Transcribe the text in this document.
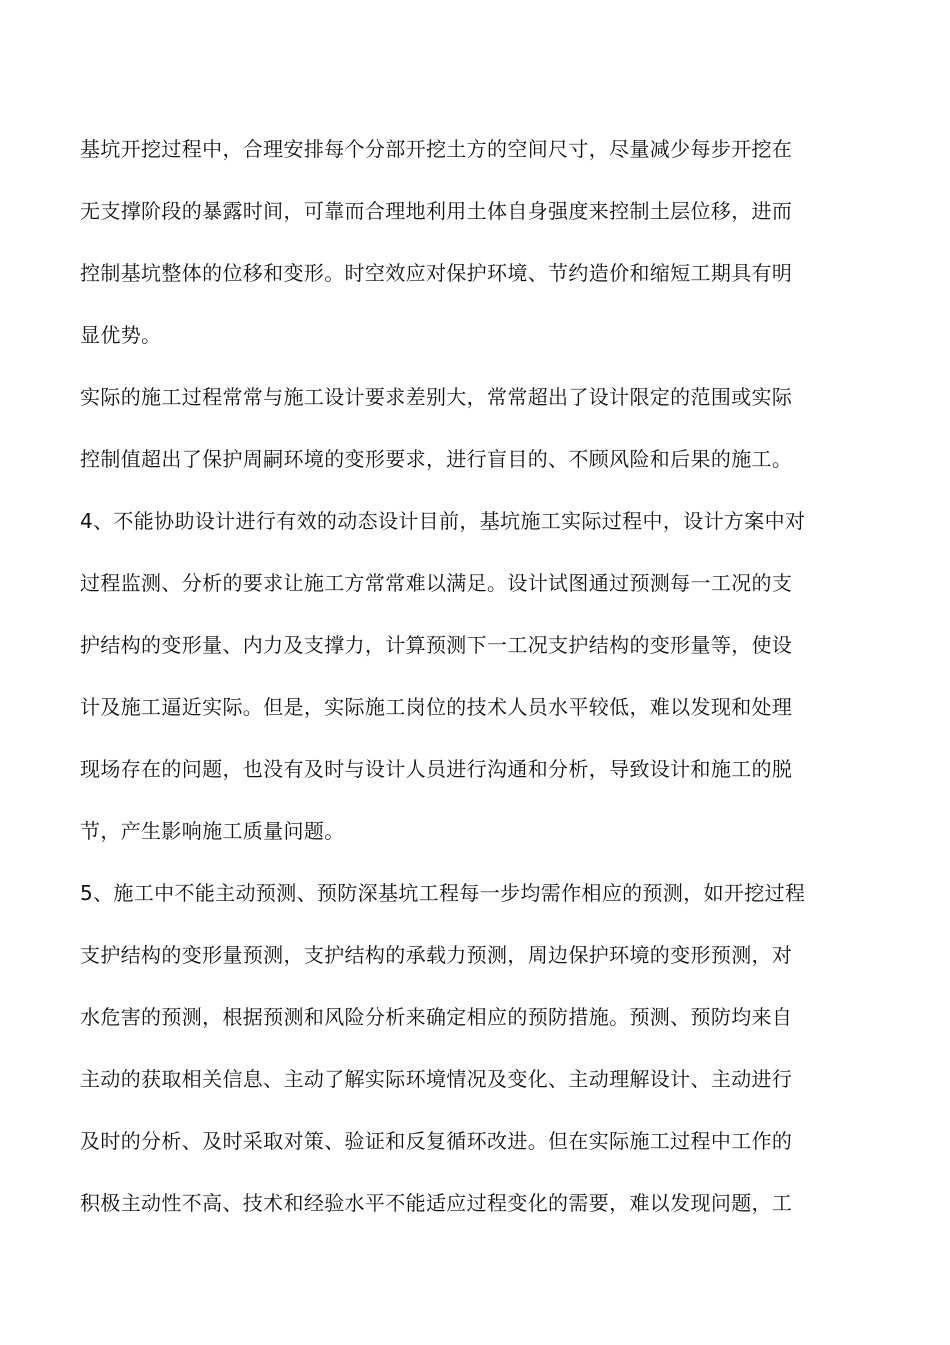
基坑开挖过程中，合理安排每个分部开挖土方的空间尺寸，尽量减少每步开挖在
无支撑阶段的暴露时间，可靠而合理地利用土体自身强度来控制土层位移，进而
控制基坑整体的位移和变形。时空效应对保护环境、节约造价和缩短工期具有明
显优势。
实际的施工过程常常与施工设计要求差别大，常常超出了设计限定的范围或实际
控制值超出了保护周嗣环境的变形要求，进行盲目的、不顾风险和后果的施工。
4、不能协助设计进行有效的动态设计目前，基坑施工实际过程中，设计方案中对
过程监测、分析的要求让施工方常常难以满足。设计试图通过预测每一工况的支
护结构的变形量、内力及支撑力，计算预测下一工况支护结构的变形量等，使设
计及施工逼近实际。但是，实际施工岗位的技术人员水平较低，难以发现和处理
现场存在的问题，也没有及时与设计人员进行沟通和分析，导致设计和施工的脱
节，产生影响施工质量问题。
5、施工中不能主动预测、预防深基坑工程每一步均需作相应的预测，如开挖过程
支护结构的变形量预测，支护结构的承载力预测，周边保护环境的变形预测，对
水危害的预测，根据预测和风险分析来确定相应的预防措施。预测、预防均来自
主动的获取相关信息、主动了解实际环境情况及变化、主动理解设计、主动进行
及时的分析、及时采取对策、验证和反复循环改进。但在实际施工过程中工作的
积极主动性不高、技术和经验水平不能适应过程变化的需要，难以发现问题，工
